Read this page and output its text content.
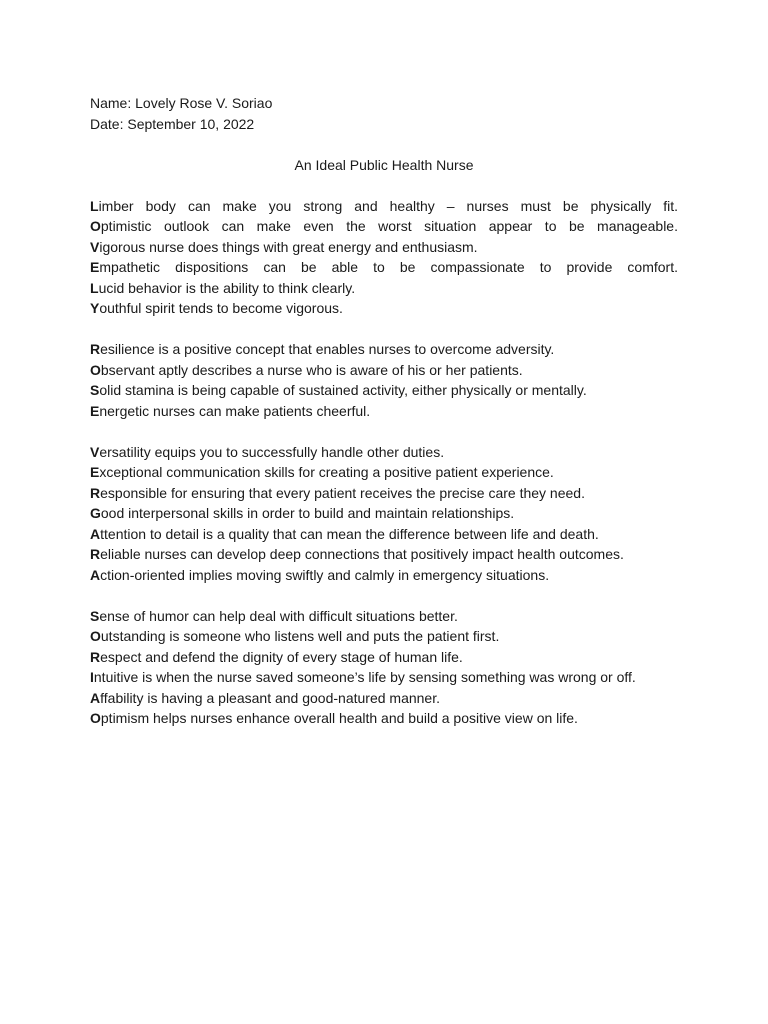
Name: Lovely Rose V. Soriao

Date: September 10, 2022

An Ideal Public Health Nurse

Limber body can make you strong and healthy – nurses must be physically fit.

Optimistic outlook can make even the worst situation appear to be manageable.

Vigorous nurse does things with great energy and enthusiasm.

Empathetic dispositions can be able to be compassionate to provide comfort.

Lucid behavior is the ability to think clearly.

Youthful spirit tends to become vigorous.

Resilience is a positive concept that enables nurses to overcome adversity.

Observant aptly describes a nurse who is aware of his or her patients.

Solid stamina is being capable of sustained activity, either physically or mentally.

Energetic nurses can make patients cheerful.

Versatility equips you to successfully handle other duties.

Exceptional communication skills for creating a positive patient experience.

Responsible for ensuring that every patient receives the precise care they need.

Good interpersonal skills in order to build and maintain relationships.

Attention to detail is a quality that can mean the difference between life and death.

Reliable nurses can develop deep connections that positively impact health outcomes.

Action-oriented implies moving swiftly and calmly in emergency situations.

Sense of humor can help deal with difficult situations better.

Outstanding is someone who listens well and puts the patient first.

Respect and defend the dignity of every stage of human life.

Intuitive is when the nurse saved someone’s life by sensing something was wrong or off.

Affability is having a pleasant and good-natured manner.

Optimism helps nurses enhance overall health and build a positive view on life.
